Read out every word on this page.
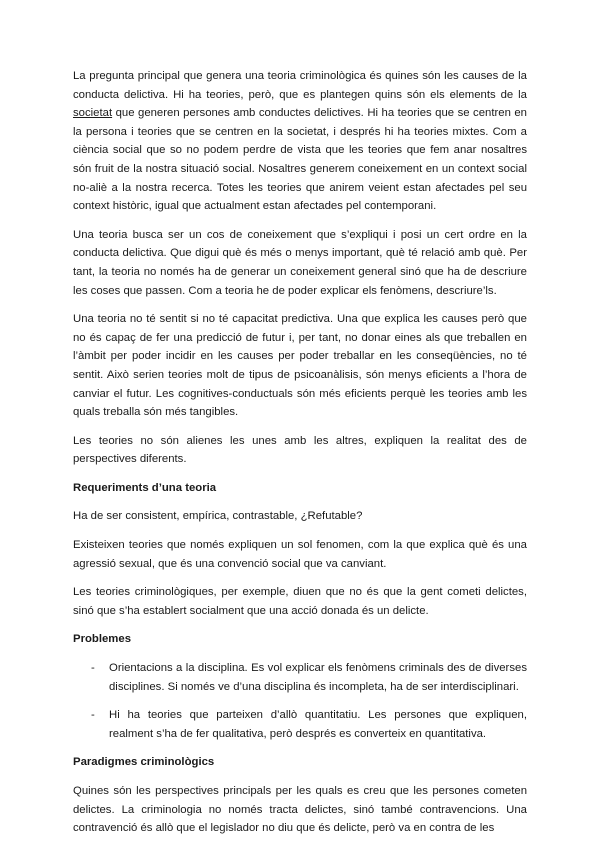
La pregunta principal que genera una teoria criminològica és quines són les causes de la conducta delictiva. Hi ha teories, però, que es plantegen quins són els elements de la societat que generen persones amb conductes delictives. Hi ha teories que se centren en la persona i teories que se centren en la societat, i després hi ha teories mixtes. Com a ciència social que so no podem perdre de vista que les teories que fem anar nosaltres són fruit de la nostra situació social. Nosaltres generem coneixement en un context social no-aliè a la nostra recerca. Totes les teories que anirem veient estan afectades pel seu context històric, igual que actualment estan afectades pel contemporani.

Una teoria busca ser un cos de coneixement que s’expliqui i posi un cert ordre en la conducta delictiva. Que digui què és més o menys important, què té relació amb què. Per tant, la teoria no només ha de generar un coneixement general sinó que ha de descriure les coses que passen. Com a teoria he de poder explicar els fenòmens, descriure’ls.

Una teoria no té sentit si no té capacitat predictiva. Una que explica les causes però que no és capaç de fer una predicció de futur i, per tant, no donar eines als que treballen en l’àmbit per poder incidir en les causes per poder treballar en les conseqüències, no té sentit. Això serien teories molt de tipus de psicoanàlisis, són menys eficients a l’hora de canviar el futur. Les cognitives-conductuals són més eficients perquè les teories amb les quals treballa són més tangibles.

Les teories no són alienes les unes amb les altres, expliquen la realitat des de perspectives diferents.

Requeriments d’una teoria

Ha de ser consistent, empírica, contrastable, ¿Refutable?

Existeixen teories que només expliquen un sol fenomen, com la que explica què és una agressió sexual, que és una convenció social que va canviant.

Les teories criminològiques, per exemple, diuen que no és que la gent cometi delictes, sinó que s’ha establert socialment que una acció donada és un delicte.

Problemes
- Orientacions a la disciplina. Es vol explicar els fenòmens criminals des de diverses disciplines. Si només ve d’una disciplina és incompleta, ha de ser interdisciplinari.

- Hi ha teories que parteixen d’allò quantitatiu. Les persones que expliquen, realment s’ha de fer qualitativa, però després es converteix en quantitativa.

Paradigmes criminològics

Quines són les perspectives principals per les quals es creu que les persones cometen delictes. La criminologia no només tracta delictes, sinó també contravencions. Una contravenció és allò que el legislador no diu que és delicte, però va en contra de les
